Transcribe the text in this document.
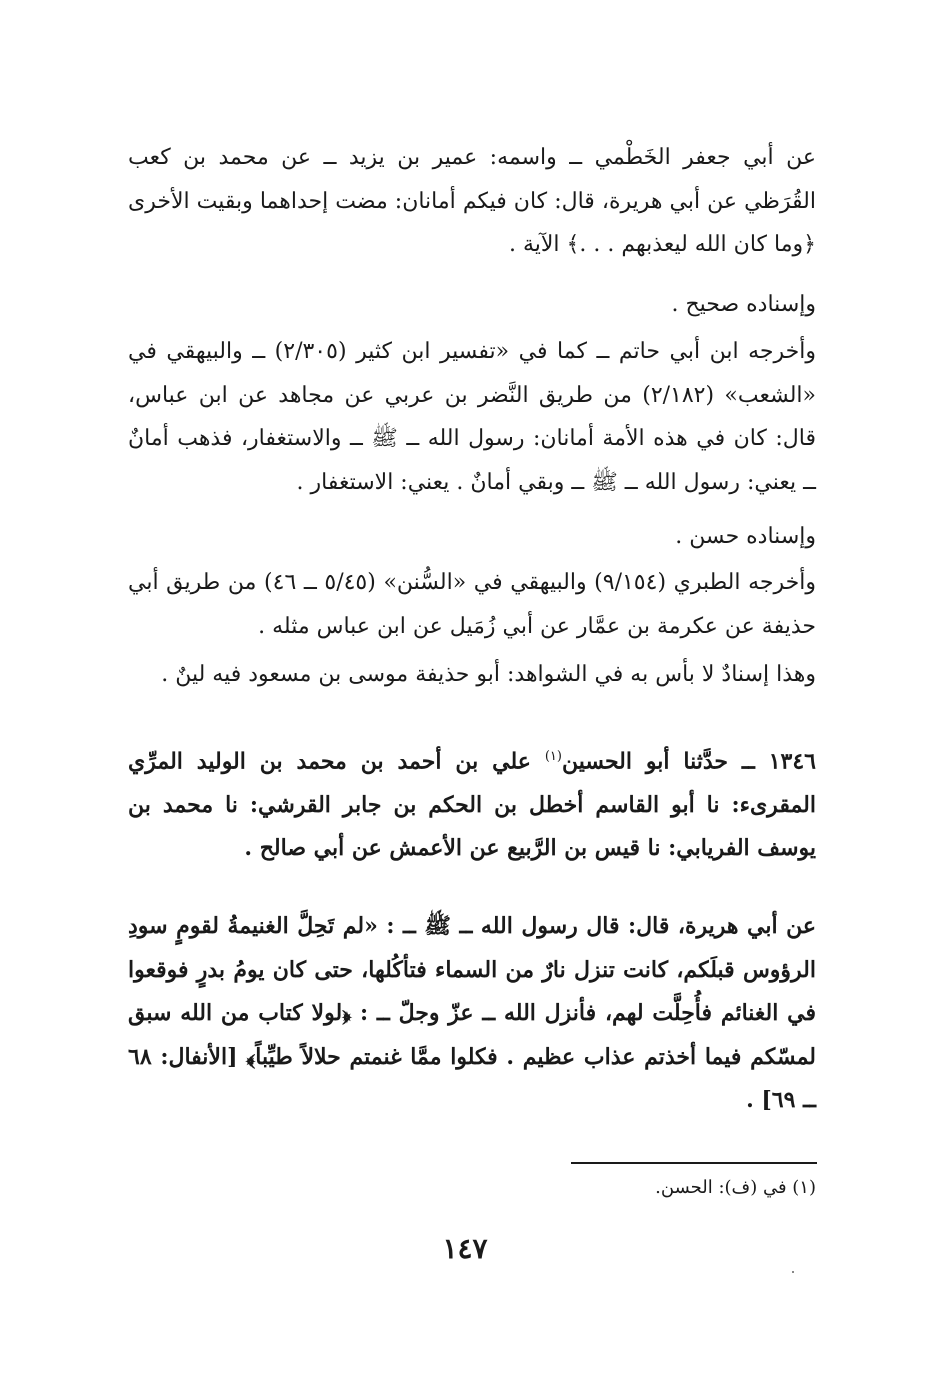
عن أبي جعفر الخَطْمي ــ واسمه: عمير بن يزيد ــ عن محمد بن كعب القُرَظي عن أبي هريرة، قال: كان فيكم أمانان: مضت إحداهما وبقيت الأخرى ﴿وما كان الله ليعذبهم . . .﴾ الآية .

وإسناده صحيح .

وأخرجه ابن أبي حاتم ــ كما في «تفسير ابن كثير (٢/٣٠٥) ــ والبيهقي في «الشعب» (٢/١٨٢) من طريق النَّضر بن عربي عن مجاهد عن ابن عباس، قال: كان في هذه الأمة أمانان: رسول الله ــ ﷺ ــ والاستغفار، فذهب أمانٌ ــ يعني: رسول الله ــ ﷺ ــ وبقي أمانٌ . يعني: الاستغفار .

وإسناده حسن .

وأخرجه الطبري (٩/١٥٤) والبيهقي في «السُّنن» (٥/٤٥ ــ ٤٦) من طريق أبي حذيفة عن عكرمة بن عمَّار عن أبي زُمَيل عن ابن عباس مثله .

وهذا إسنادٌ لا بأس به في الشواهد: أبو حذيفة موسى بن مسعود فيه لينٌ .

١٣٤٦ ــ حدَّثنا أبو الحسين$^{(١)}$ علي بن أحمد بن محمد بن الوليد المرِّي المقرىء: نا أبو القاسم أخطل بن الحكم بن جابر القرشي: نا محمد بن يوسف الفريابي: نا قيس بن الرَّبيع عن الأعمش عن أبي صالح .

عن أبي هريرة، قال: قال رسول الله ــ ﷺ ــ : «لم تَحِلَّ الغنيمةُ لقومٍ سودِ الرؤوس قبلَكم، كانت تنزل نارٌ من السماء فتأكُلها، حتى كان يومُ بدرٍ فوقعوا في الغنائم فأُحِلَّت لهم، فأنزل الله ــ عزّ وجلّ ــ : ﴿لولا كتاب من الله سبق لمسّكم فيما أخذتم عذاب عظيم . فكلوا ممَّا غنمتم حلالاً طيِّباً﴾ [الأنفال: ٦٨ ــ ٦٩] .

(١) في (ف): الحسن.
١٤٧
